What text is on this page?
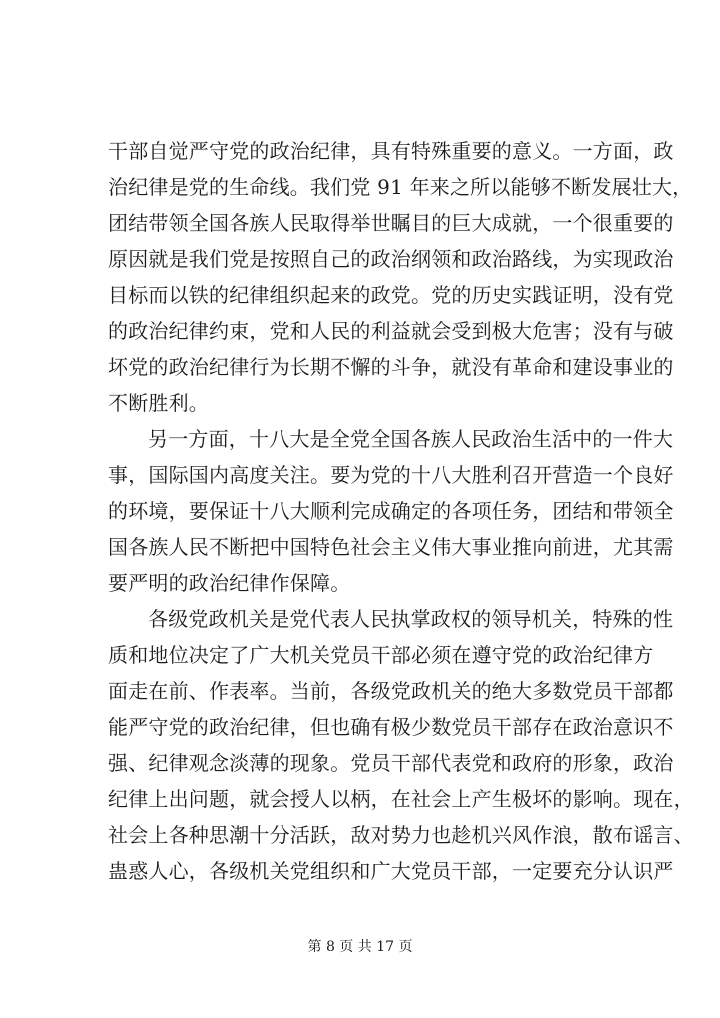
干部自觉严守党的政治纪律，具有特殊重要的意义。一方面，政
治纪律是党的生命线。我们党 91 年来之所以能够不断发展壮大，
团结带领全国各族人民取得举世瞩目的巨大成就，一个很重要的
原因就是我们党是按照自己的政治纲领和政治路线，为实现政治
目标而以铁的纪律组织起来的政党。党的历史实践证明，没有党
的政治纪律约束，党和人民的利益就会受到极大危害；没有与破
坏党的政治纪律行为长期不懈的斗争，就没有革命和建设事业的
不断胜利。
另一方面，十八大是全党全国各族人民政治生活中的一件大
事，国际国内高度关注。要为党的十八大胜利召开营造一个良好
的环境，要保证十八大顺利完成确定的各项任务，团结和带领全
国各族人民不断把中国特色社会主义伟大事业推向前进，尤其需
要严明的政治纪律作保障。
各级党政机关是党代表人民执掌政权的领导机关，特殊的性
质和地位决定了广大机关党员干部必须在遵守党的政治纪律方
面走在前、作表率。当前，各级党政机关的绝大多数党员干部都
能严守党的政治纪律，但也确有极少数党员干部存在政治意识不
强、纪律观念淡薄的现象。党员干部代表党和政府的形象，政治
纪律上出问题，就会授人以柄，在社会上产生极坏的影响。现在，
社会上各种思潮十分活跃，敌对势力也趁机兴风作浪，散布谣言、
蛊惑人心，各级机关党组织和广大党员干部，一定要充分认识严
第 8 页 共 17 页
